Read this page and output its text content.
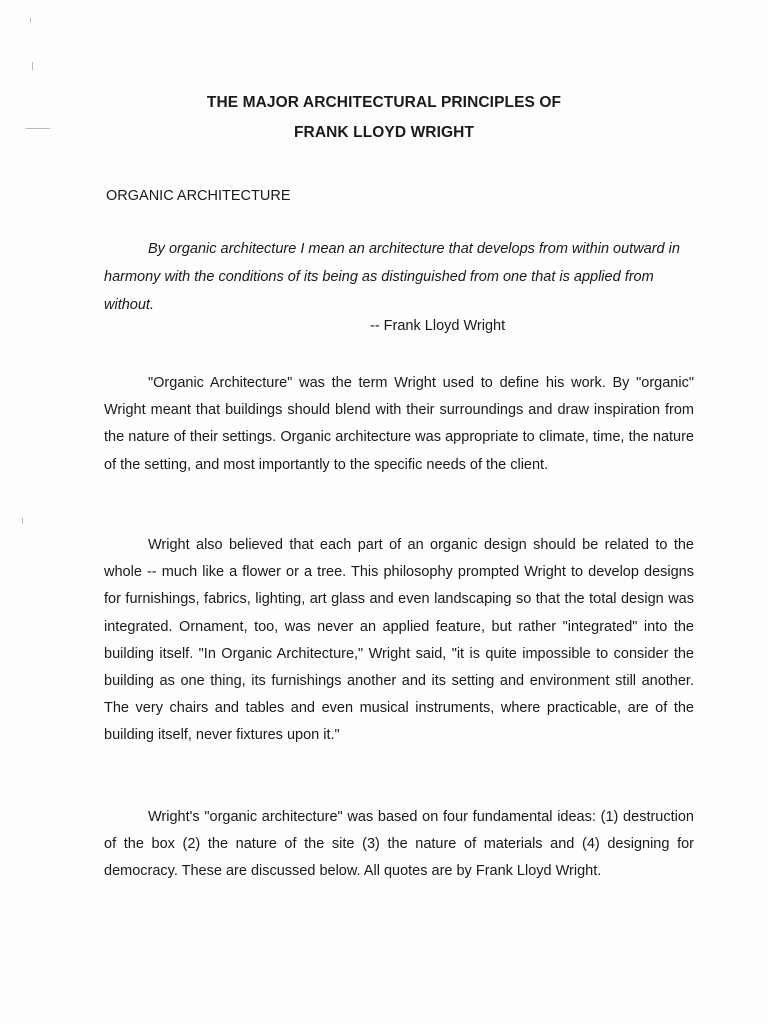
THE MAJOR ARCHITECTURAL PRINCIPLES OF
FRANK LLOYD WRIGHT
ORGANIC ARCHITECTURE

By organic architecture I mean an architecture that develops from within outward in harmony with the conditions of its being as distinguished from one that is applied from without.

-- Frank Lloyd Wright

"Organic Architecture" was the term Wright used to define his work. By "organic" Wright meant that buildings should blend with their surroundings and draw inspiration from the nature of their settings. Organic architecture was appropriate to climate, time, the nature of the setting, and most importantly to the specific needs of the client.

Wright also believed that each part of an organic design should be related to the whole -- much like a flower or a tree. This philosophy prompted Wright to develop designs for furnishings, fabrics, lighting, art glass and even landscaping so that the total design was integrated. Ornament, too, was never an applied feature, but rather "integrated" into the building itself. "In Organic Architecture," Wright said, "it is quite impossible to consider the building as one thing, its furnishings another and its setting and environment still another. The very chairs and tables and even musical instruments, where practicable, are of the building itself, never fixtures upon it."

Wright's "organic architecture" was based on four fundamental ideas: (1) destruction of the box (2) the nature of the site (3) the nature of materials and (4) designing for democracy. These are discussed below. All quotes are by Frank Lloyd Wright.
